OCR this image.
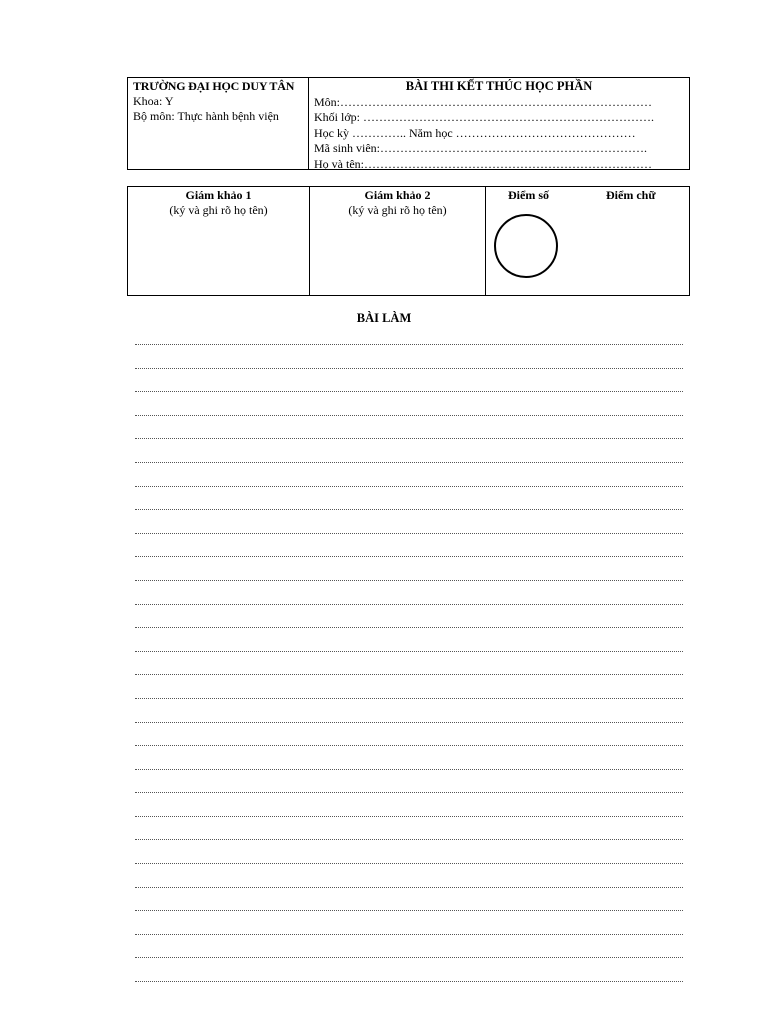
TRƯỜNG ĐẠI HỌC DUY TÂN
Khoa: Y
Bộ môn: Thực hành bệnh viện
BÀI THI KẾT THÚC HỌC PHẦN
Môn:……………………………………………………………………
Khối lớp: ……………………………………………………………….
Học kỳ ………….. Năm học ………………………………………
Mã sinh viên:………………………………………………………….
Họ và tên:………………………………………………………………
Giám khảo 1
(ký và ghi rõ họ tên)
Giám khảo 2
(ký và ghi rõ họ tên)
Điểm số	Điểm chữ
BÀI LÀM
